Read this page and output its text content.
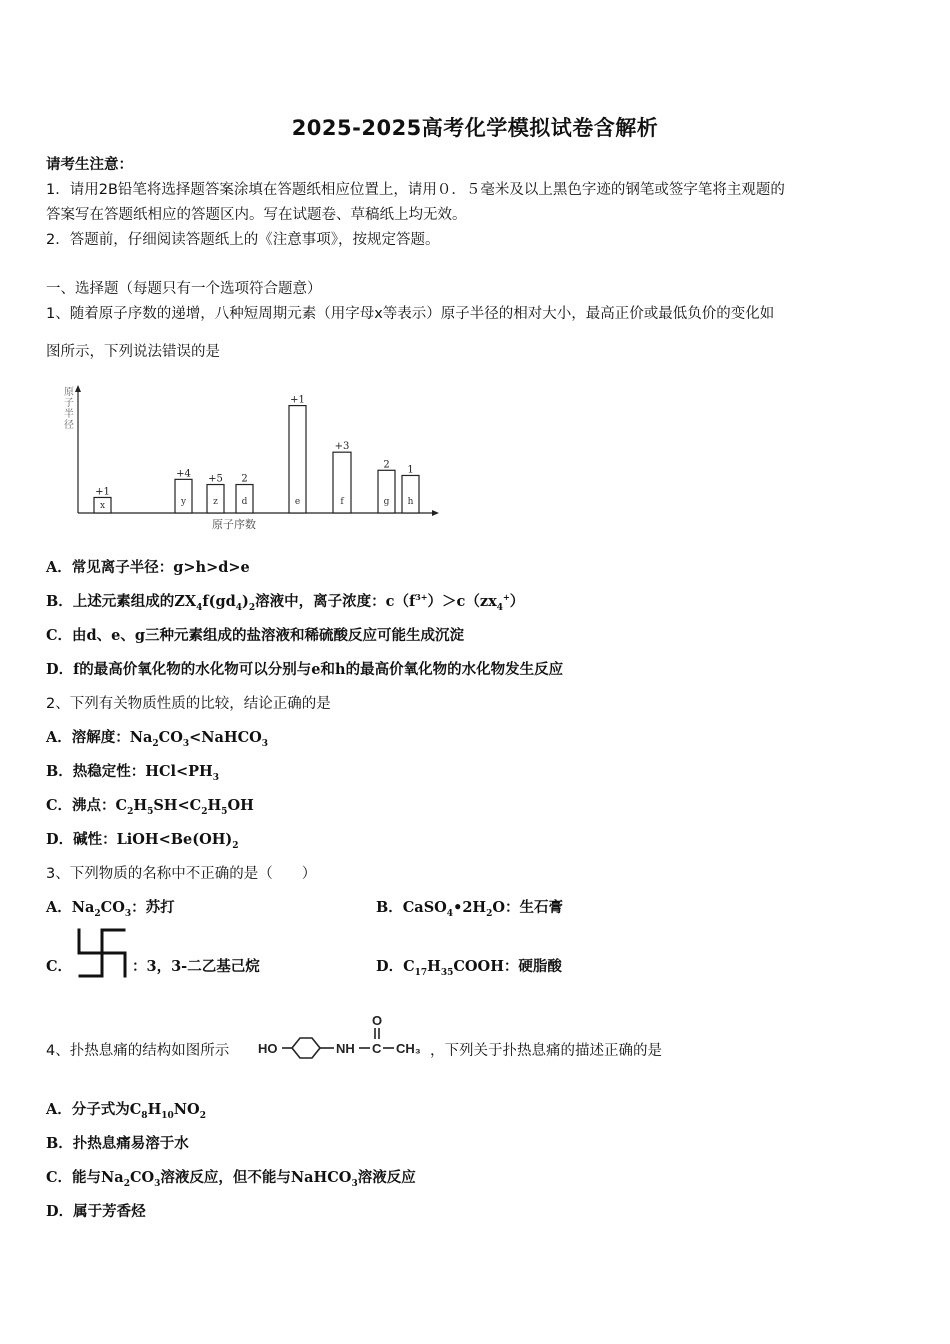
2025-2025高考化学模拟试卷含解析
请考生注意：
1．请用2B铅笔将选择题答案涂填在答题纸相应位置上，请用０．５毫米及以上黑色字迹的钢笔或签字笔将主观题的
答案写在答题纸相应的答题区内。写在试题卷、草稿纸上均无效。
2．答题前，仔细阅读答题纸上的《注意事项》，按规定答题。
一、选择题（每题只有一个选项符合题意）
1、随着原子序数的递增，八种短周期元素（用字母x等表示）原子半径的相对大小，最高正价或最低负价的变化如
图所示，下列说法错误的是
原子半径
原子序数
x
+1
y
+4
z
+5
d
2
e
+1
f
+3
g
2
h
1
A．常见离子半径：g>h>d>e
B．上述元素组成的$ZX_4f(gd_4)_2$溶液中，离子浓度：$c(f^{3+})>c(zx_4^+)$
C．由d、e、g三种元素组成的盐溶液和稀硫酸反应可能生成沉淀
D．f的最高价氧化物的水化物可以分别与e和h的最高价氧化物的水化物发生反应
2、下列有关物质性质的比较，结论正确的是
A．溶解度：$Na_2CO_3<NaHCO_3$
B．热稳定性：$HCl<PH_3$
C．沸点：$C_2H_5SH<C_2H_5OH$
D．碱性：$LiOH<Be(OH)_2$
3、下列物质的名称中不正确的是（　　）
A．$Na_2CO_3$：苏打	B．$CaSO_4•2H_2O$：生石膏
C．	：3，3-二乙基己烷	D．$C_{17}H_{35}COOH$：硬脂酸
4、扑热息痛的结构如图所示 HO	NH C
O
CH₃ ，下列关于扑热息痛的描述正确的是
A．分子式为$C_8H_{10}NO_2$
B．扑热息痛易溶于水
C．能与$Na_2CO_3$溶液反应，但不能与NaHCO$_3$溶液反应
D．属于芳香烃
